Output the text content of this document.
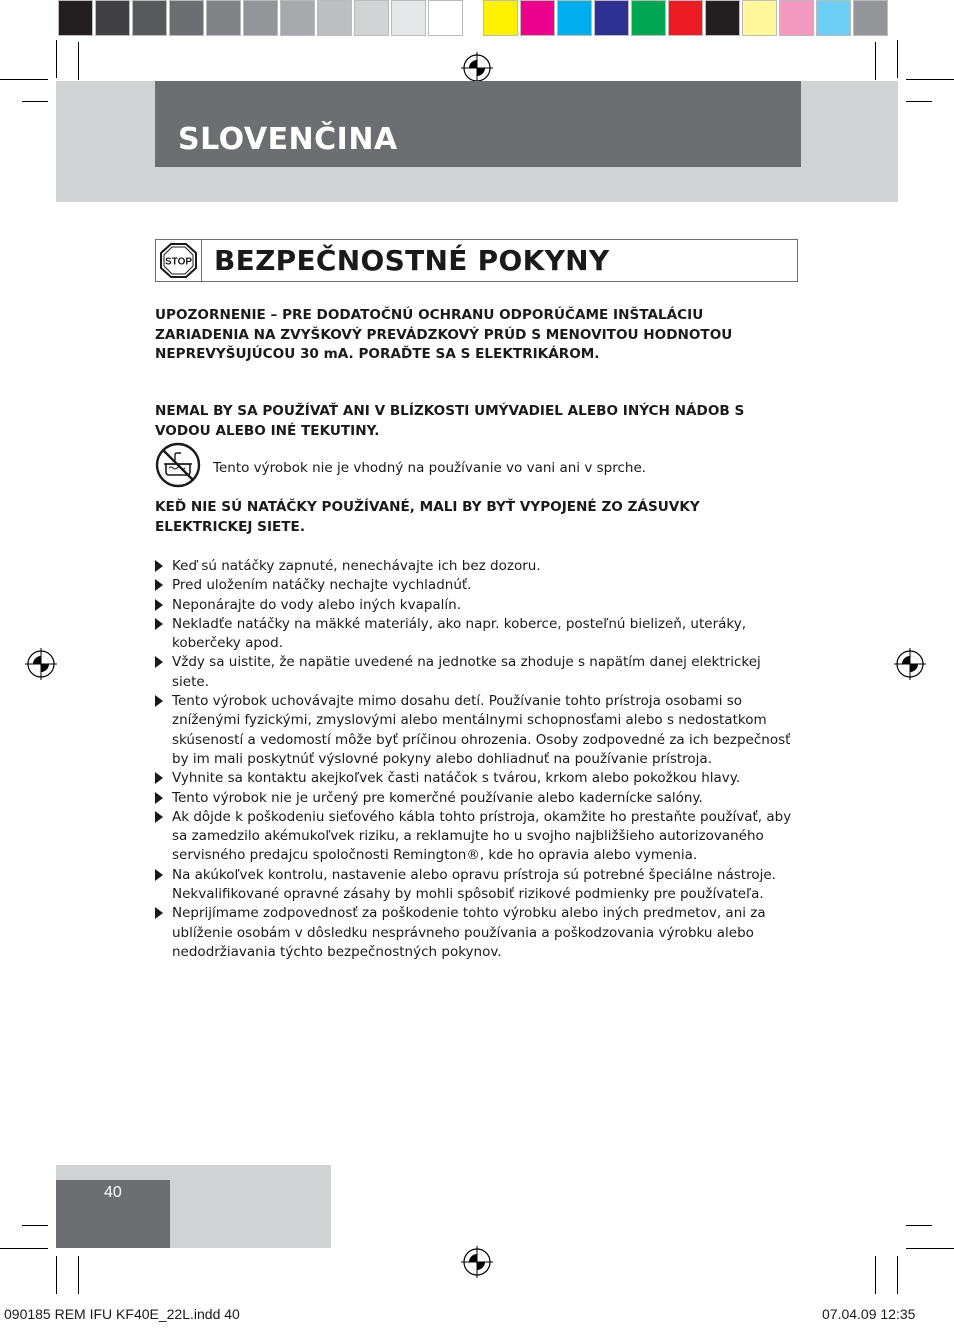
SLOVENČINA
STOP BEZPEČNOSTNÉ POKYNY

UPOZORNENIE – PRE DODATOČNÚ OCHRANU ODPORÚČAME INŠTALÁCIU ZARIADENIA NA ZVYŠKOVÝ PREVÁDZKOVÝ PRÚD S MENOVITOU HODNOTOU NEPREVYŠUJÚCOU 30 mA. PORAĎTE SA S ELEKTRIKÁROM.

NEMAL BY SA POUŽÍVAŤ ANI V BLÍZKOSTI UMÝVADIEL ALEBO INÝCH NÁDOB S VODOU ALEBO INÉ TEKUTINY.

Tento výrobok nie je vhodný na používanie vo vani ani v sprche.

KEĎ NIE SÚ NATÁČKY POUŽÍVANÉ, MALI BY BYŤ VYPOJENÉ ZO ZÁSUVKY ELEKTRICKEJ SIETE.

Keď sú natáčky zapnuté, nenechávajte ich bez dozoru.
Pred uložením natáčky nechajte vychladnúť.
Neponárajte do vody alebo iných kvapalín.
Nekladťe natáčky na mäkké materiály, ako napr. koberce, posteľnú bielizeň, uteráky, koberčeky apod.
Vždy sa uistite, že napätie uvedené na jednotke sa zhoduje s napätím danej elektrickej siete.
Tento výrobok uchovávajte mimo dosahu detí. Používanie tohto prístroja osobami so zníženými fyzickými, zmyslovými alebo mentálnymi schopnosťami alebo s nedostatkom skúseností a vedomostí môže byť príčinou ohrozenia. Osoby zodpovedné za ich bezpečnosť by im mali poskytnúť výslovné pokyny alebo dohliadnuť na používanie prístroja.
Vyhnite sa kontaktu akejkoľvek časti natáčok s tvárou, krkom alebo pokožkou hlavy.
Tento výrobok nie je určený pre komerčné používanie alebo kadernícke salóny.
Ak dôjde k poškodeniu sieťového kábla tohto prístroja, okamžite ho prestaňte používať, aby sa zamedzilo akémukoľvek riziku, a reklamujte ho u svojho najbližšieho autorizovaného servisného predajcu spoločnosti Remington®, kde ho opravia alebo vymenia.
Na akúkoľvek kontrolu, nastavenie alebo opravu prístroja sú potrebné špeciálne nástroje. Nekvalifikované opravné zásahy by mohli spôsobiť rizikové podmienky pre používateľa.
Neprijímame zodpovednosť za poškodenie tohto výrobku alebo iných predmetov, ani za ublíženie osobám v dôsledku nesprávneho používania a poškodzovania výrobku alebo nedodržiavania týchto bezpečnostných pokynov.

40

090185 REM IFU KF40E_22L.indd 40	07.04.09 12:35
